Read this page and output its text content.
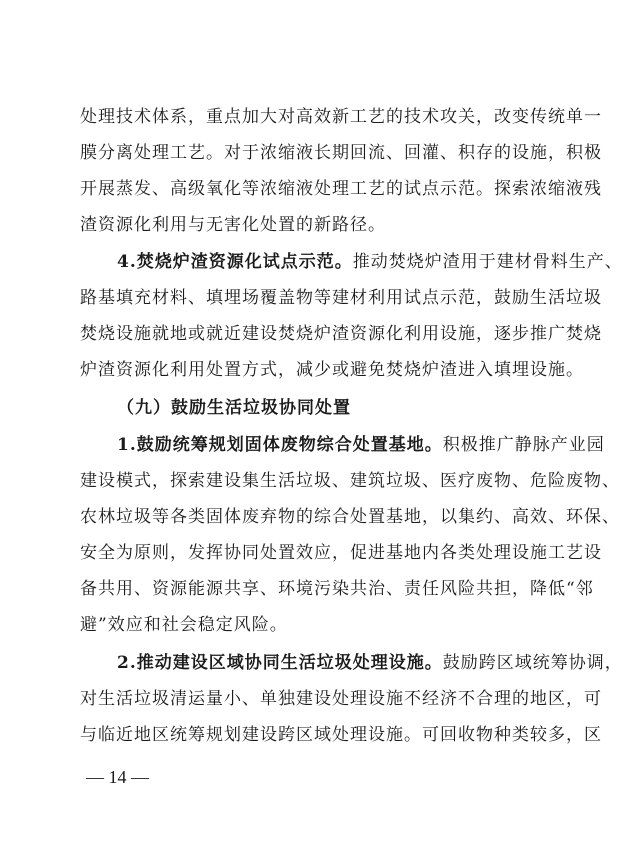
处理技术体系，重点加大对高效新工艺的技术攻关，改变传统单一
膜分离处理工艺。对于浓缩液长期回流、回灌、积存的设施，积极
开展蒸发、高级氧化等浓缩液处理工艺的试点示范。探索浓缩液残
渣资源化利用与无害化处置的新路径。
4.焚烧炉渣资源化试点示范。推动焚烧炉渣用于建材骨料生产、
路基填充材料、填埋场覆盖物等建材利用试点示范，鼓励生活垃圾
焚烧设施就地或就近建设焚烧炉渣资源化利用设施，逐步推广焚烧
炉渣资源化利用处置方式，减少或避免焚烧炉渣进入填埋设施。
（九）鼓励生活垃圾协同处置
1.鼓励统筹规划固体废物综合处置基地。积极推广静脉产业园
建设模式，探索建设集生活垃圾、建筑垃圾、医疗废物、危险废物、
农林垃圾等各类固体废弃物的综合处置基地，以集约、高效、环保、
安全为原则，发挥协同处置效应，促进基地内各类处理设施工艺设
备共用、资源能源共享、环境污染共治、责任风险共担，降低“邻
避”效应和社会稳定风险。
2.推动建设区域协同生活垃圾处理设施。鼓励跨区域统筹协调，
对生活垃圾清运量小、单独建设处理设施不经济不合理的地区，可
与临近地区统筹规划建设跨区域处理设施。可回收物种类较多，区
— 14 —
